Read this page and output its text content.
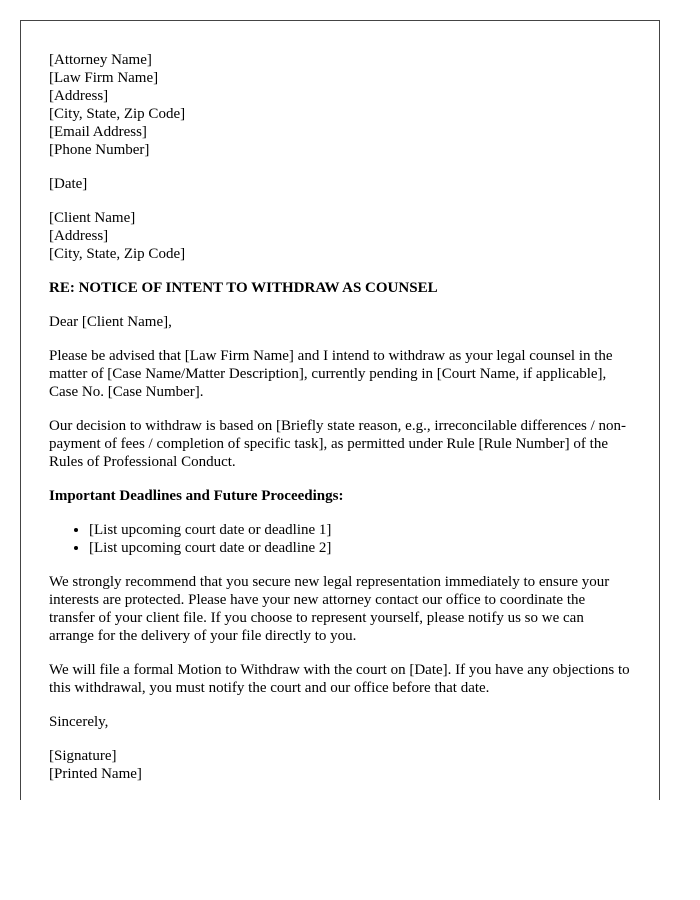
[Attorney Name]
[Law Firm Name]
[Address]
[City, State, Zip Code]
[Email Address]
[Phone Number]
[Date]
[Client Name]
[Address]
[City, State, Zip Code]
RE: NOTICE OF INTENT TO WITHDRAW AS COUNSEL

Dear [Client Name],

Please be advised that [Law Firm Name] and I intend to withdraw as your legal counsel in the matter of [Case Name/Matter Description], currently pending in [Court Name, if applicable], Case No. [Case Number].

Our decision to withdraw is based on [Briefly state reason, e.g., irreconcilable differences / non-payment of fees / completion of specific task], as permitted under Rule [Rule Number] of the Rules of Professional Conduct.

Important Deadlines and Future Proceedings:
• [List upcoming court date or deadline 1]
• [List upcoming court date or deadline 2]

We strongly recommend that you secure new legal representation immediately to ensure your interests are protected. Please have your new attorney contact our office to coordinate the transfer of your client file. If you choose to represent yourself, please notify us so we can arrange for the delivery of your file directly to you.

We will file a formal Motion to Withdraw with the court on [Date]. If you have any objections to this withdrawal, you must notify the court and our office before that date.

Sincerely,

[Signature]
[Printed Name]
